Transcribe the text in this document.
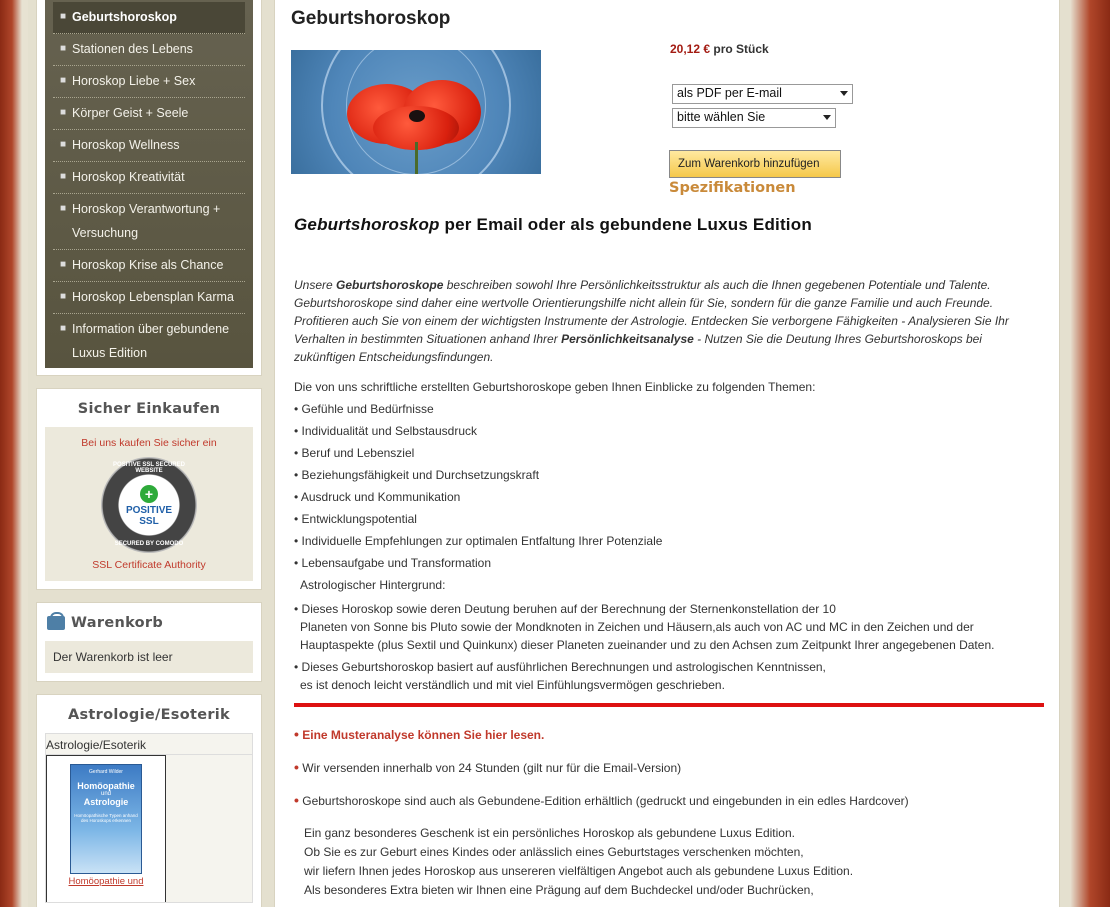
■ Geburtshoroskop
■ Stationen des Lebens
■ Horoskop Liebe + Sex
■ Körper Geist + Seele
■ Horoskop Wellness
■ Horoskop Kreativität
■ Horoskop Verantwortung + Versuchung
■ Horoskop Krise als Chance
■ Horoskop Lebensplan Karma
■ Information über gebundene Luxus Edition
Sicher Einkaufen
Bei uns kaufen Sie sicher ein
POSITIVE SSL SECURED WEBSITE
+
POSITIVE SSL
SECURED BY COMODO
SSL Certificate Authority
Warenkorb
Der Warenkorb ist leer
Astrologie/Esoterik
Astrologie/Esoterik
Gerhard Wilder
Homöopathie
und
Astrologie
Homöopathische Typen anhand des Horoskops erkennen
Homöopathie und
Geburtshoroskop
20,12 € pro Stück
als PDF per E-mail
bitte wählen Sie
Zum Warenkorb hinzufügen
Spezifikationen
Geburtshoroskop per Email oder als gebundene Luxus Edition

Unsere Geburtshoroskope beschreiben sowohl Ihre Persönlichkeitsstruktur als auch die Ihnen gegebenen Potentiale und Talente. Geburtshoroskope sind daher eine wertvolle Orientierungshilfe nicht allein für Sie, sondern für die ganze Familie und auch Freunde. Profitieren auch Sie von einem der wichtigsten Instrumente der Astrologie. Entdecken Sie verborgene Fähigkeiten - Analysieren Sie Ihr Verhalten in bestimmten Situationen anhand Ihrer Persönlichkeitsanalyse - Nutzen Sie die Deutung Ihres Geburtshoroskops bei zukünftigen Entscheidungsfindungen.

Die von uns schriftliche erstellten Geburtshoroskope geben Ihnen Einblicke zu folgenden Themen:
• Gefühle und Bedürfnisse
• Individualität und Selbstausdruck
• Beruf und Lebensziel
• Beziehungsfähigkeit und Durchsetzungskraft
• Ausdruck und Kommunikation
• Entwicklungspotential
• Individuelle Empfehlungen zur optimalen Entfaltung Ihrer Potenziale
• Lebensaufgabe und Transformation
Astrologischer Hintergrund:
• Dieses Horoskop sowie deren Deutung beruhen auf der Berechnung der Sternenkonstellation der 10
Planeten von Sonne bis Pluto sowie der Mondknoten in Zeichen und Häusern,als auch von AC und MC in den Zeichen und der
Hauptaspekte (plus Sextil und Quinkunx) dieser Planeten zueinander und zu den Achsen zum Zeitpunkt Ihrer angegebenen Daten.
• Dieses Geburtshoroskop basiert auf ausführlichen Berechnungen und astrologischen Kenntnissen,
es ist denoch leicht verständlich und mit viel Einfühlungsvermögen geschrieben.
• Eine Musteranalyse können Sie hier lesen.
• Wir versenden innerhalb von 24 Stunden (gilt nur für die Email-Version)
• Geburtshoroskope sind auch als Gebundene-Edition erhältlich (gedruckt und eingebunden in ein edles Hardcover)
Ein ganz besonderes Geschenk ist ein persönliches Horoskop als gebundene Luxus Edition.
Ob Sie es zur Geburt eines Kindes oder anlässlich eines Geburtstages verschenken möchten,
wir liefern Ihnen jedes Horoskop aus unsereren vielfältigen Angebot auch als gebundene Luxus Edition.
Als besonderes Extra bieten wir Ihnen eine Prägung auf dem Buchdeckel und/oder Buchrücken,
